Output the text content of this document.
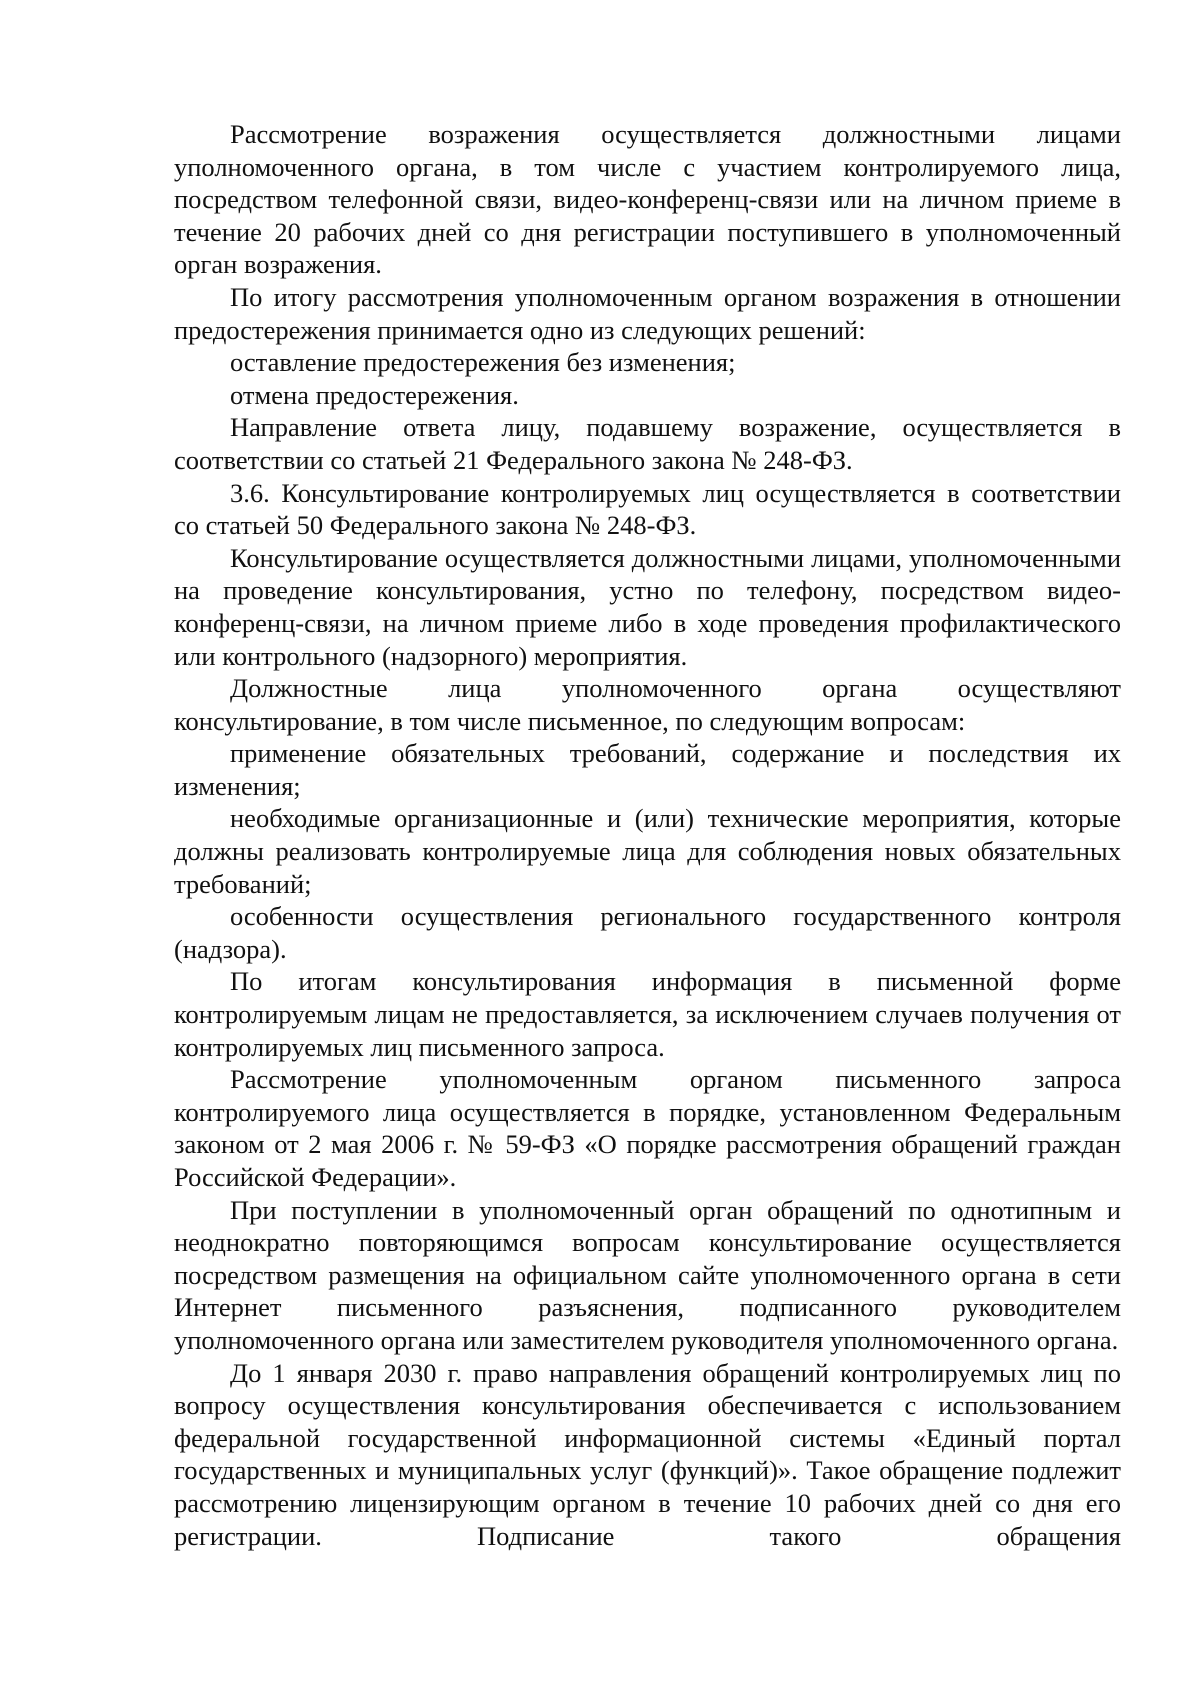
Рассмотрение возражения осуществляется должностными лицами уполномоченного органа, в том числе с участием контролируемого лица, посредством телефонной связи, видео-конференц-связи или на личном приеме в течение 20 рабочих дней со дня регистрации поступившего в уполномоченный орган возражения.

По итогу рассмотрения уполномоченным органом возражения в отношении предостережения принимается одно из следующих решений:

оставление предостережения без изменения;

отмена предостережения.

Направление ответа лицу, подавшему возражение, осуществляется в соответствии со статьей 21 Федерального закона № 248-ФЗ.

3.6. Консультирование контролируемых лиц осуществляется в соответствии со статьей 50 Федерального закона № 248-ФЗ.

Консультирование осуществляется должностными лицами, уполномоченными на проведение консультирования, устно по телефону, посредством видео-конференц-связи, на личном приеме либо в ходе проведения профилактического или контрольного (надзорного) мероприятия.

Должностные лица уполномоченного органа осуществляют консультирование, в том числе письменное, по следующим вопросам:

применение обязательных требований, содержание и последствия их изменения;

необходимые организационные и (или) технические мероприятия, которые должны реализовать контролируемые лица для соблюдения новых обязательных требований;

особенности осуществления регионального государственного контроля (надзора).

По итогам консультирования информация в письменной форме контролируемым лицам не предоставляется, за исключением случаев получения от контролируемых лиц письменного запроса.

Рассмотрение уполномоченным органом письменного запроса контролируемого лица осуществляется в порядке, установленном Федеральным законом от 2 мая 2006 г. № 59-ФЗ «О порядке рассмотрения обращений граждан Российской Федерации».

При поступлении в уполномоченный орган обращений по однотипным и неоднократно повторяющимся вопросам консультирование осуществляется посредством размещения на официальном сайте уполномоченного органа в сети Интернет письменного разъяснения, подписанного руководителем уполномоченного органа или заместителем руководителя уполномоченного органа.

До 1 января 2030 г. право направления обращений контролируемых лиц по вопросу осуществления консультирования обеспечивается с использованием федеральной государственной информационной системы «Единый портал государственных и муниципальных услуг (функций)». Такое обращение подлежит рассмотрению лицензирующим органом в течение 10 рабочих дней со дня его регистрации. Подписание такого обращения
